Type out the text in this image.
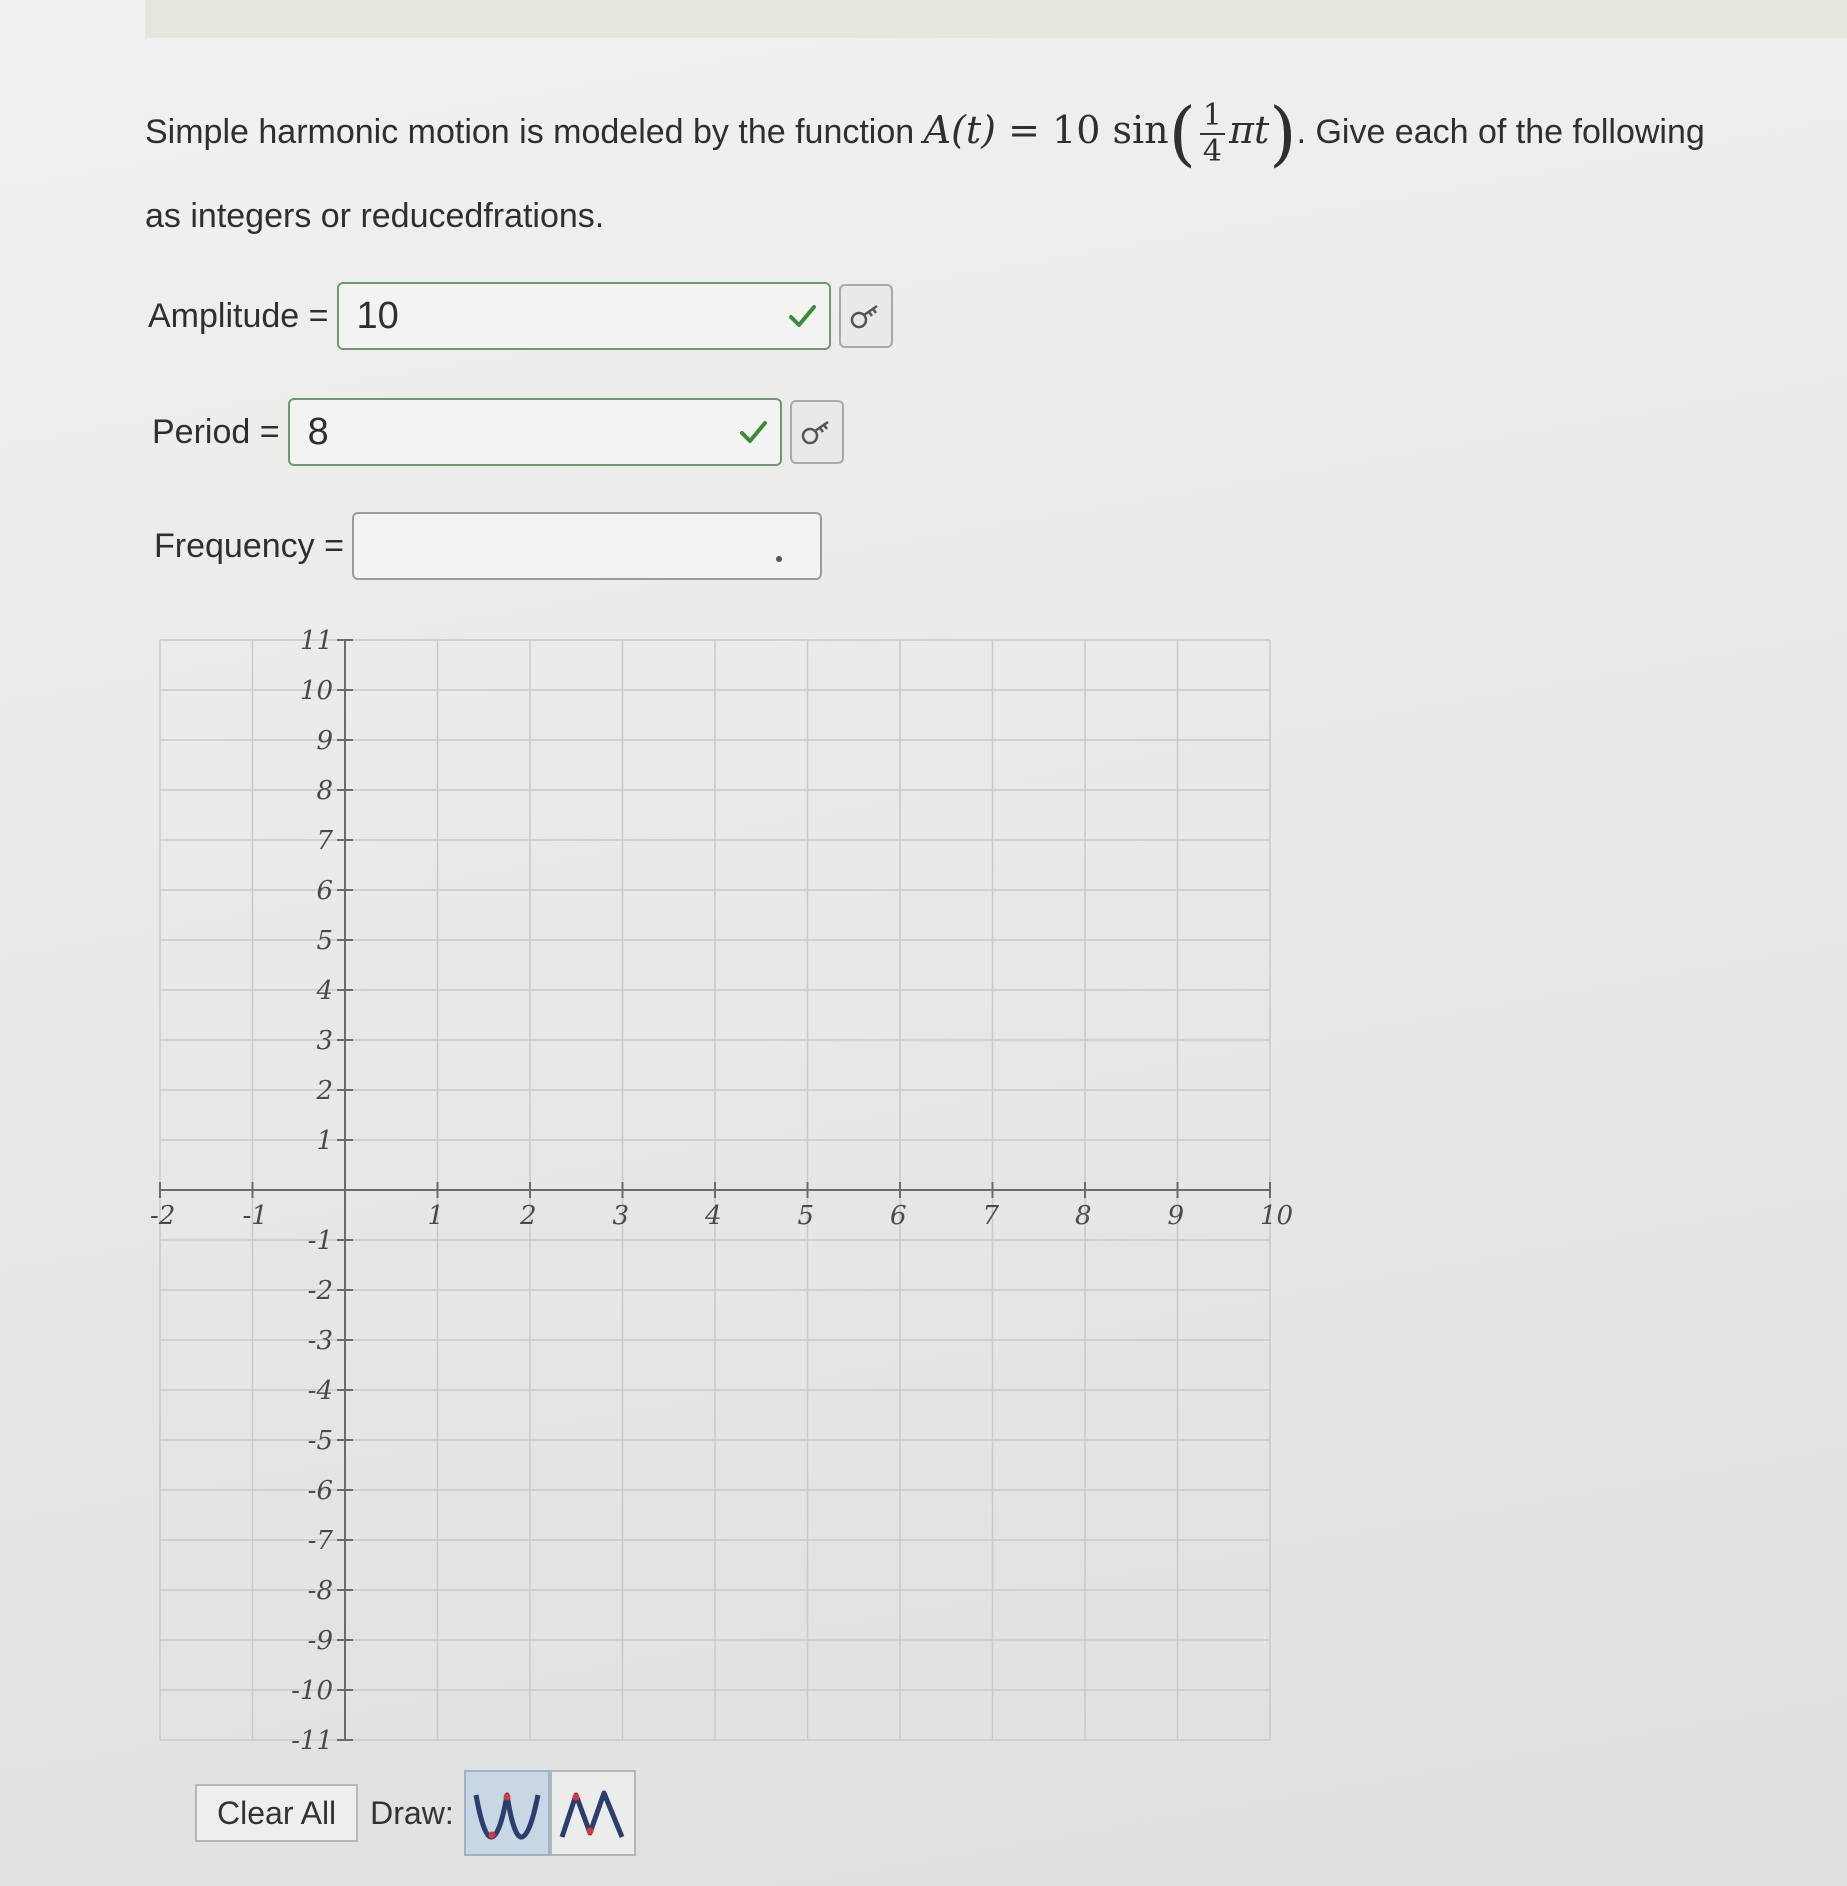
Simple harmonic motion is modeled by the function A(t) = 10 $\sin( \frac{1}{4} \pi t)$. Give each of the following
as integers or reducedfrations.
Amplitude = 10
Period = 8
Frequency =
-2	-1	1	2	3	4	5	6	7	8	9	10
11
10
9
8
7
6
5
4
3
2
1
-1
-2
-3
-4
-5
-6
-7
-8
-9
-10
-11
Clear All	Draw:
